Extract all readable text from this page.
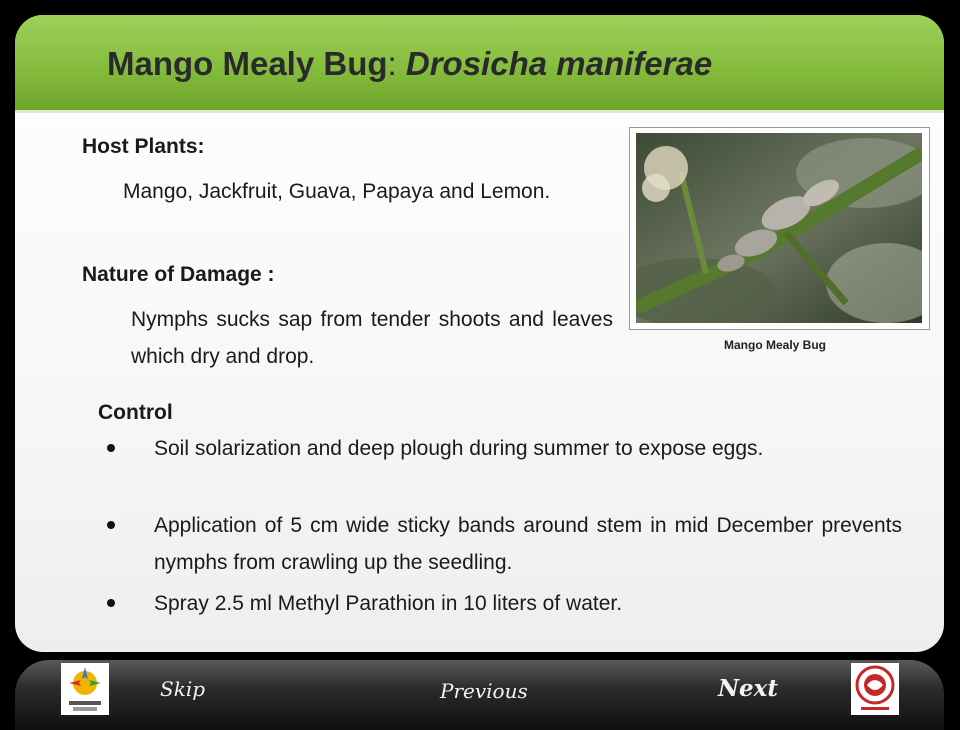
Mango Mealy Bug: Drosicha maniferae
Host Plants:
Mango, Jackfruit, Guava, Papaya and Lemon.
Nature of Damage :
Nymphs sucks sap from tender shoots and leaves which dry and drop.	Mango Mealy Bug
Control
Soil solarization and deep plough during summer to expose eggs.
Application of 5 cm wide sticky bands around stem in mid December prevents nymphs from crawling up the seedling.
Spray 2.5 ml Methyl Parathion in 10 liters of water.
Skip	Previous	Next
